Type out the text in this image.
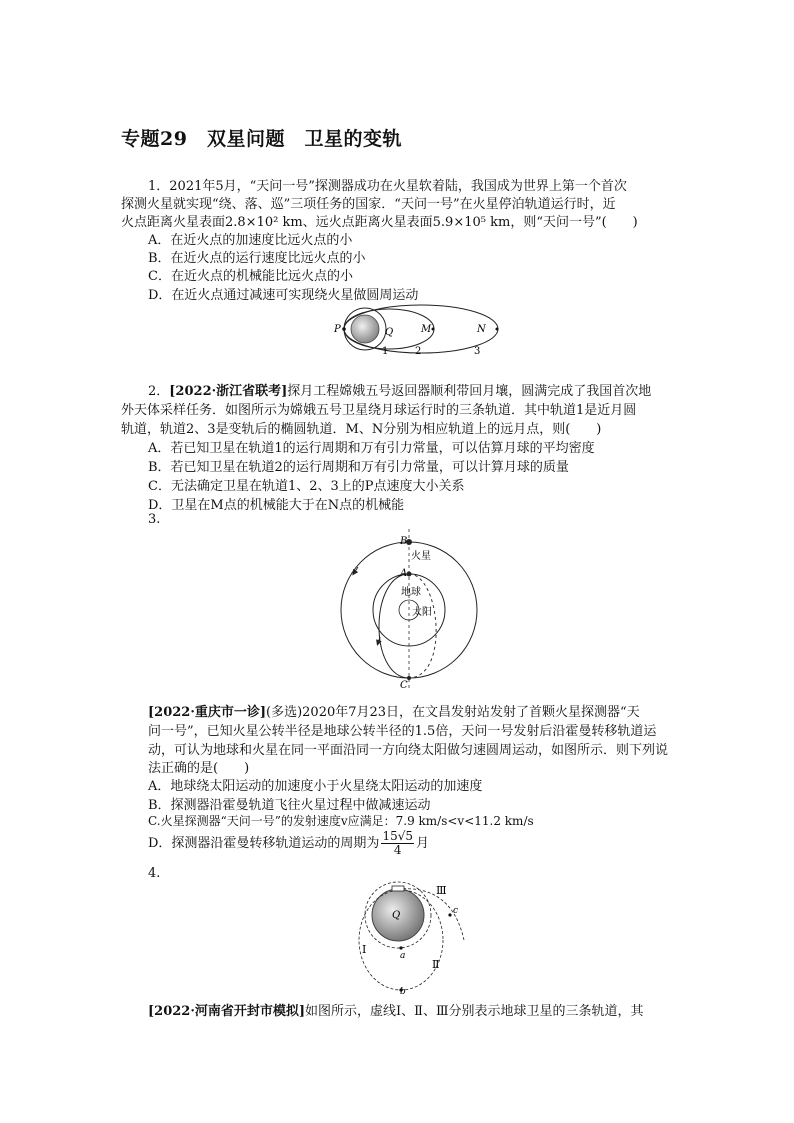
专题29　双星问题　卫星的变轨
1．2021年5月，“天问一号”探测器成功在火星软着陆，我国成为世界上第一个首次
探测火星就实现“绕、落、巡”三项任务的国家．“天问一号”在火星停泊轨道运行时，近
火点距离火星表面2.8×10² km、远火点距离火星表面5.9×10⁵ km，则“天问一号”(　　)
A．在近火点的加速度比远火点的小
B．在近火点的运行速度比远火点的小
C．在近火点的机械能比远火点的小
D．在近火点通过减速可实现绕火星做圆周运动
P	Q	M	N
1	2	3
2．[2022·浙江省联考]探月工程嫦娥五号返回器顺利带回月壤，圆满完成了我国首次地
外天体采样任务．如图所示为嫦娥五号卫星绕月球运行时的三条轨道．其中轨道1是近月圆
轨道，轨道2、3是变轨后的椭圆轨道．M、N分别为相应轨道上的远月点，则(　　)
A．若已知卫星在轨道1的运行周期和万有引力常量，可以估算月球的平均密度
B．若已知卫星在轨道2的运行周期和万有引力常量，可以计算月球的质量
C．无法确定卫星在轨道1、2、3上的P点速度大小关系
D．卫星在M点的机械能大于在N点的机械能
3.
B
火星
A
地球
太阳
C
[2022·重庆市一诊](多选)2020年7月23日，在文昌发射站发射了首颗火星探测器“天
问一号”，已知火星公转半径是地球公转半径的1.5倍，天问一号发射后沿霍曼转移轨道运
动，可认为地球和火星在同一平面沿同一方向绕太阳做匀速圆周运动，如图所示．则下列说
法正确的是(　　)
A．地球绕太阳运动的加速度小于火星绕太阳运动的加速度
B．探测器沿霍曼轨道飞往火星过程中做减速运动
C.火星探测器“天问一号”的发射速度v应满足：7.9 km/s<v<11.2 km/s
D．探测器沿霍曼转移轨道运动的周期为 $\frac{15√5}{4}$ 月
4.
Q
Ⅰ
Ⅱ
Ⅲ
a
b
c
[2022·河南省开封市模拟]如图所示，虚线Ⅰ、Ⅱ、Ⅲ分别表示地球卫星的三条轨道，其
